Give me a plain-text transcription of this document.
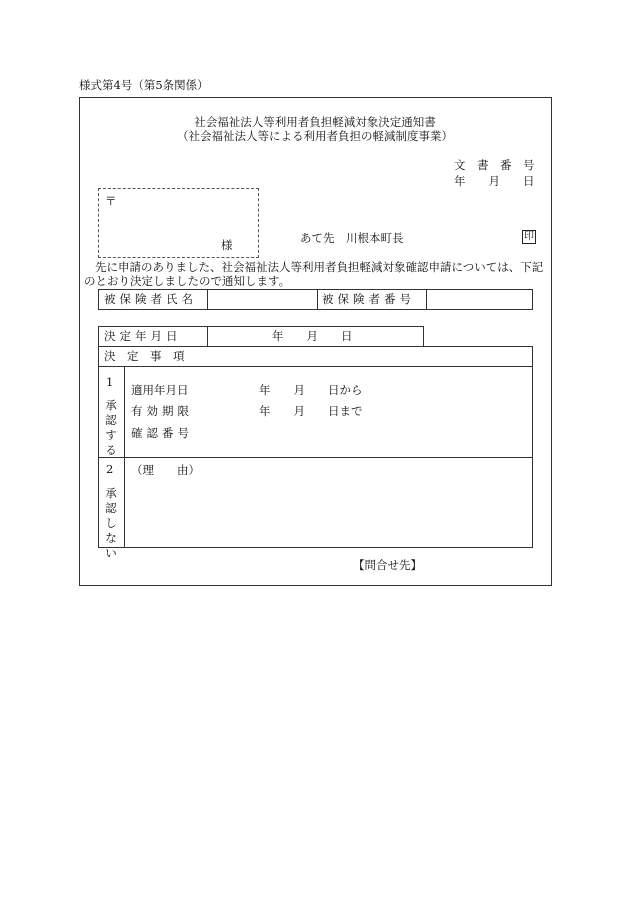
様式第4号（第5条関係）
社会福祉法人等利用者負担軽減対象決定通知書
（社会福祉法人等による利用者負担の軽減制度事業）
文　書　番　号
年　　月　　日
〒
様	あて先　川根本町長	印
先に申請のありました、社会福祉法人等利用者負担軽減対象確認申請については、下記
のとおり決定しましたので通知します。
被保険者氏名	被保険者番号
決定年月日	年　　月　　日
決　定　事　項
1
承
認
す
る
適用年月日	年　　月　　日から
有効期限	年　　月　　日まで
確認番号
2
承
認
し
な
い
（理　　由）
【問合せ先】
